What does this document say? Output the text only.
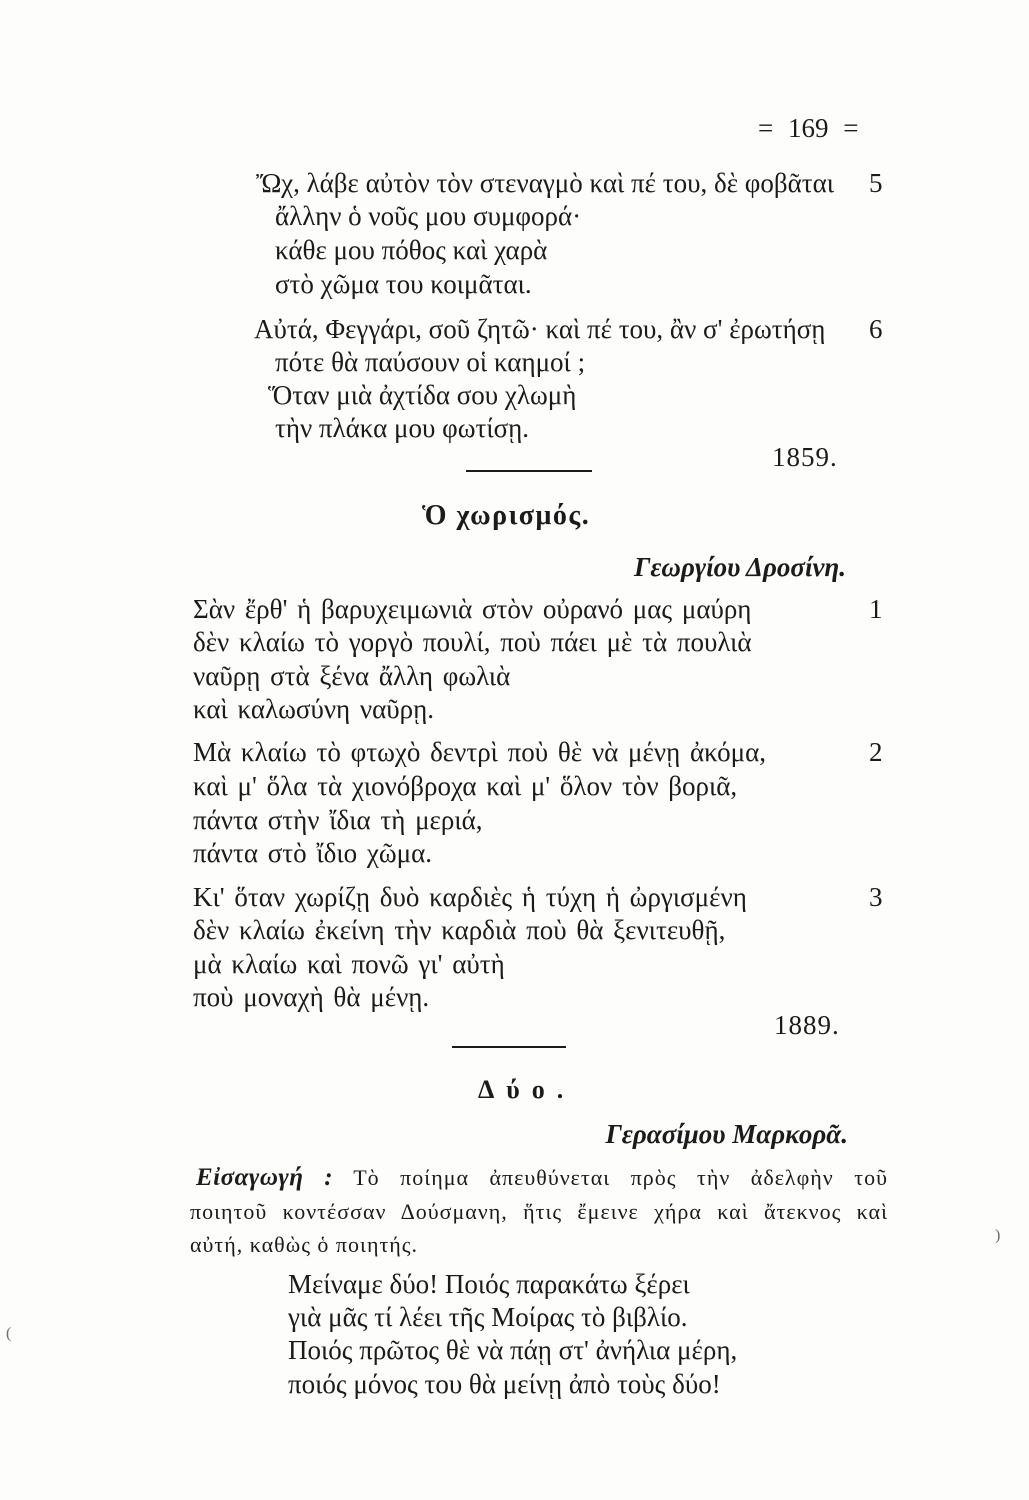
= 169 =
Ὤχ, λάβε αὐτὸν τὸν στεναγμὸ καὶ πέ του, δὲ φοβᾶται 5
ἄλλην ὁ νοῦς μου συμφορά·
κάθε μου πόθος καὶ χαρὰ
στὸ χῶμα του κοιμᾶται.
Αὐτά, Φεγγάρι, σοῦ ζητῶ· καὶ πέ του, ἂν σ' ἐρωτήσῃ 6
πότε θὰ παύσουν οἱ καημοί ;
Ὅταν μιὰ ἀχτίδα σου χλωμὴ
τὴν πλάκα μου φωτίσῃ.
1859.
Ὁ χωρισμός.
Γεωργίου Δροσίνη.
Σὰν ἔρθ' ἡ βαρυχειμωνιὰ στὸν οὐρανό μας μαύρη	1
δὲν κλαίω τὸ γοργὸ πουλί, ποὺ πάει μὲ τὰ πουλιὰ
ναῦρῃ στὰ ξένα ἄλλη φωλιὰ
καὶ καλωσύνη ναῦρῃ.
Μὰ κλαίω τὸ φτωχὸ δεντρὶ ποὺ θὲ νὰ μένῃ ἀκόμα,	2
καὶ μ' ὅλα τὰ χιονόβροχα καὶ μ' ὅλον τὸν βοριᾶ,
πάντα στὴν ἴδια τὴ μεριά,
πάντα στὸ ἴδιο χῶμα.
Κι' ὅταν χωρίζῃ δυὸ καρδιὲς ἡ τύχη ἡ ὠργισμένη	3
δὲν κλαίω ἐκείνη τὴν καρδιὰ ποὺ θὰ ξενιτευθῇ,
μὰ κλαίω καὶ πονῶ γι' αὐτὴ
ποὺ μοναχὴ θὰ μένῃ.
1889.
Δύο.
Γερασίμου Μαρκορᾶ.
Εἰσαγωγή : Τὸ ποίημα ἀπευθύνεται πρὸς τὴν ἀδελφὴν τοῦ
ποιητοῦ κοντέσσαν Δούσμανη, ἥτις ἔμεινε χήρα καὶ ἄτεκνος καὶ
αὐτή, καθὼς ὁ ποιητής.
Μείναμε δύο! Ποιός παρακάτω ξέρει
γιὰ μᾶς τί λέει τῆς Μοίρας τὸ βιβλίο.
Ποιός πρῶτος θὲ νὰ πάῃ στ' ἀνήλια μέρη,
ποιός μόνος του θὰ μείνῃ ἀπὸ τοὺς δύο!
)
(
